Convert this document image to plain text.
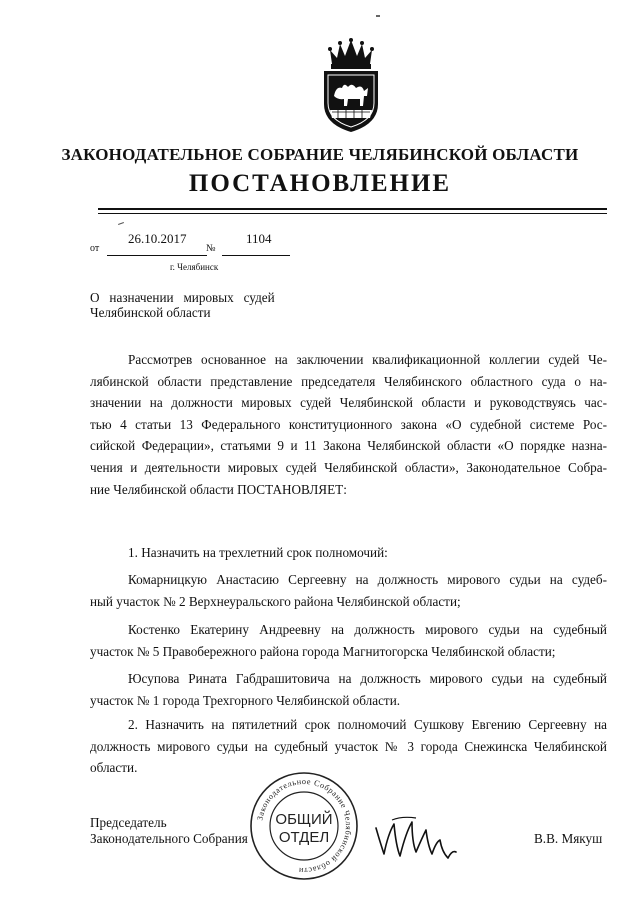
ЗАКОНОДАТЕЛЬНОЕ СОБРАНИЕ ЧЕЛЯБИНСКОЙ ОБЛАСТИ
ПОСТАНОВЛЕНИЕ
от
26.10.2017
№
1104
г. Челябинск
О   назначении   мировых   судей
Челябинской области
Рассмотрев основанное на заключении квалификационной коллегии судей Че-
лябинской области представление председателя Челябинского областного суда о на-
значении на должности мировых судей Челябинской области и руководствуясь час-
тью 4 статьи 13 Федерального конституционного закона «О судебной системе Рос-
сийской Федерации», статьями 9 и 11 Закона Челябинской области «О порядке назна-
чения и деятельности мировых судей Челябинской области», Законодательное Собра-
ние Челябинской области ПОСТАНОВЛЯЕТ:
1. Назначить на трехлетний срок полномочий:
Комарницкую  Анастасию  Сергеевну  на  должность  мирового  судьи  на  судеб-
ный участок № 2 Верхнеуральского района Челябинской области;
Костенко  Екатерину  Андреевну  на  должность  мирового  судьи  на  судебный
участок № 5 Правобережного района города Магнитогорска Челябинской области;
Юсупова  Рината  Габдрашитовича  на  должность  мирового  судьи  на  судебный
участок № 1 города Трехгорного Челябинской области.
2. Назначить на пятилетний срок полномочий Сушкову Евгению Сергеевну на
должность мирового судьи на судебный участок № 3 города Снежинска Челябинской
области.
Председатель
Законодательного Собрания
Законодательное Собрание Челябинской области
ОБЩИЙ
ОТДЕЛ	В.В. Мякуш
